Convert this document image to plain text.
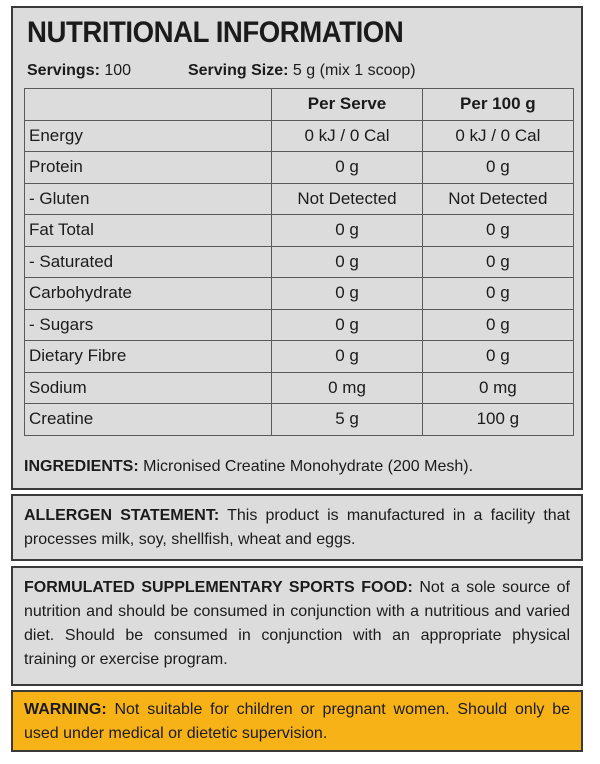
NUTRITIONAL INFORMATION
Servings: 100	Serving Size: 5 g (mix 1 scoop)
	Per Serve	Per 100 g
Energy	0 kJ / 0 Cal	0 kJ / 0 Cal
Protein	0 g	0 g
- Gluten	Not Detected	Not Detected
Fat Total	0 g	0 g
- Saturated	0 g	0 g
Carbohydrate	0 g	0 g
- Sugars	0 g	0 g
Dietary Fibre	0 g	0 g
Sodium	0 mg	0 mg
Creatine	5 g	100 g
INGREDIENTS: Micronised Creatine Monohydrate (200 Mesh).
ALLERGEN STATEMENT: This product is manufactured in a facility that processes milk, soy, shellfish, wheat and eggs.
FORMULATED SUPPLEMENTARY SPORTS FOOD: Not a sole source of nutrition and should be consumed in conjunction with a nutritious and varied diet. Should be consumed in conjunction with an appropriate physical training or exercise program.
WARNING: Not suitable for children or pregnant women. Should only be used under medical or dietetic supervision.
